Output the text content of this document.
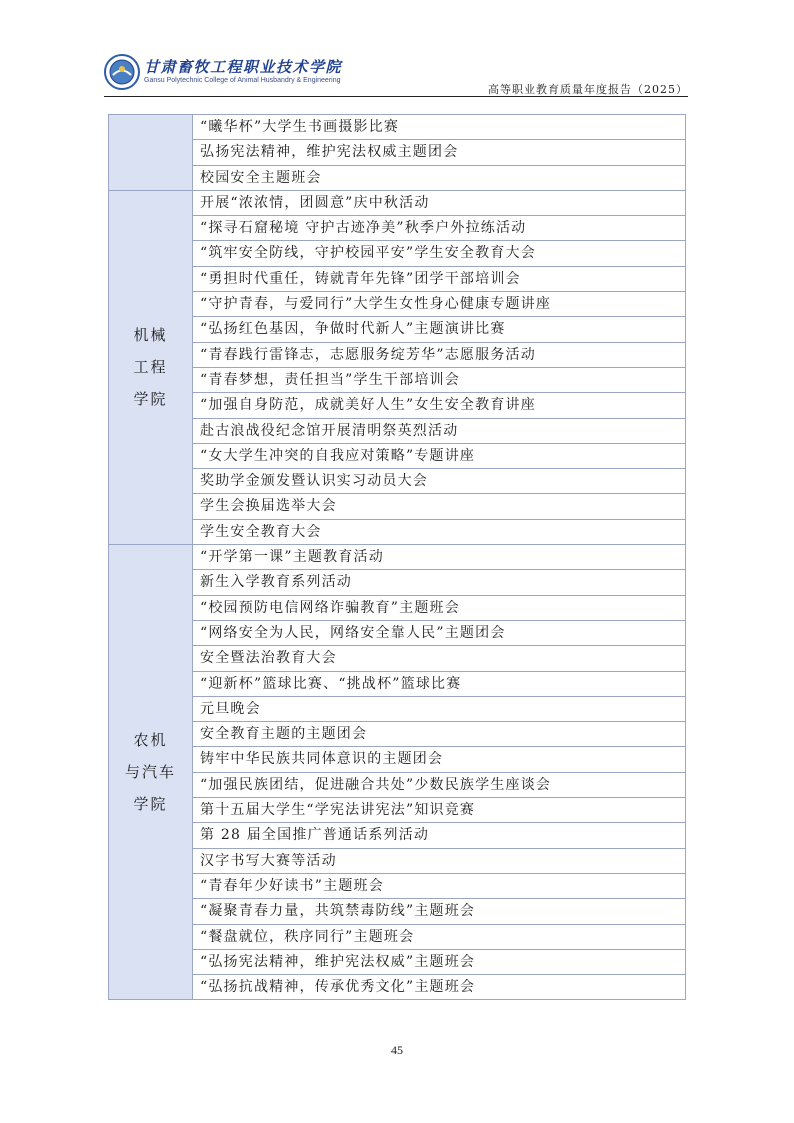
甘肃畜牧工程职业技术学院
Gansu Polytechnic College of Animal Husbandry & Engineering
高等职业教育质量年度报告（2025）
	“曦华杯”大学生书画摄影比赛
	弘扬宪法精神，维护宪法权威主题团会
	校园安全主题班会

机械
工程
学院	开展“浓浓情，团圆意”庆中秋活动
	“探寻石窟秘境 守护古迹净美”秋季户外拉练活动
	“筑牢安全防线，守护校园平安”学生安全教育大会
	“勇担时代重任，铸就青年先锋”团学干部培训会
	“守护青春，与爱同行”大学生女性身心健康专题讲座
	“弘扬红色基因，争做时代新人”主题演讲比赛
	“青春践行雷锋志，志愿服务绽芳华”志愿服务活动
	“青春梦想，责任担当”学生干部培训会
	“加强自身防范，成就美好人生”女生安全教育讲座
	赴古浪战役纪念馆开展清明祭英烈活动
	“女大学生冲突的自我应对策略”专题讲座
	奖助学金颁发暨认识实习动员大会
	学生会换届选举大会
	学生安全教育大会

农机
与汽车
学院	“开学第一课”主题教育活动
	新生入学教育系列活动
	“校园预防电信网络诈骗教育”主题班会
	“网络安全为人民，网络安全靠人民”主题团会
	安全暨法治教育大会
	“迎新杯”篮球比赛、“挑战杯”篮球比赛
	元旦晚会
	安全教育主题的主题团会
	铸牢中华民族共同体意识的主题团会
	“加强民族团结，促进融合共处”少数民族学生座谈会
	第十五届大学生“学宪法讲宪法”知识竞赛
	第 28 届全国推广普通话系列活动
	汉字书写大赛等活动
	“青春年少好读书”主题班会
	“凝聚青春力量，共筑禁毒防线”主题班会
	“餐盘就位，秩序同行”主题班会
	“弘扬宪法精神，维护宪法权威”主题班会
	“弘扬抗战精神，传承优秀文化”主题班会
45
